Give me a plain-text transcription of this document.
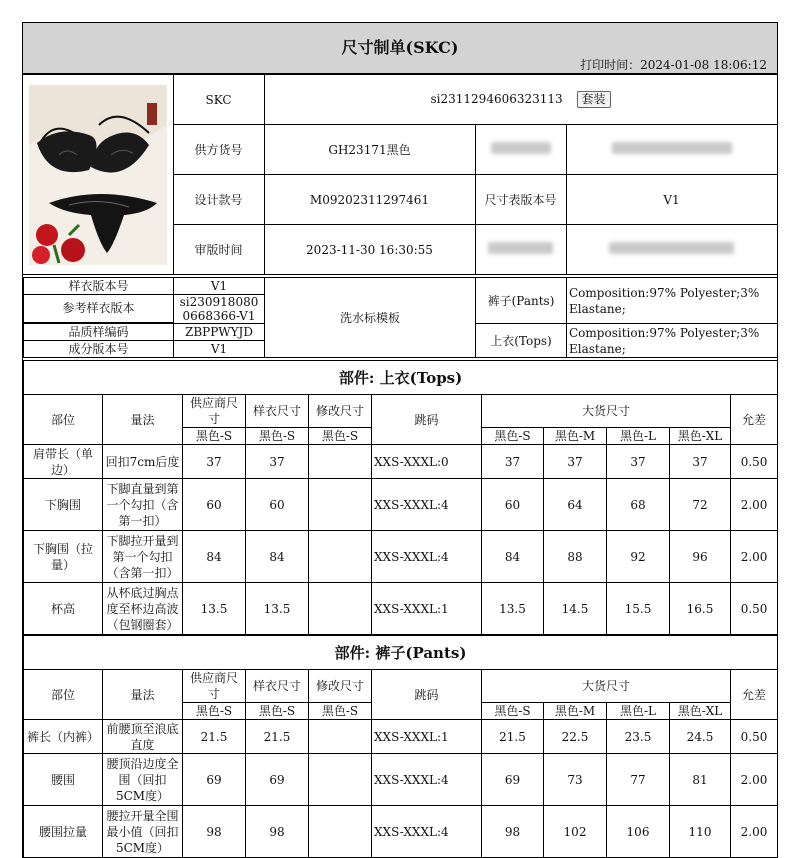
尺寸制单(SKC)
打印时间：2024-01-08 18:06:12
	SKC	si2311294606323113 套装		
	供方货号	GH23171黑色		
	设计款号	M09202311297461	尺寸表版本号	V1
	审版时间	2023-11-30 16:30:55		
样衣版本号	V1	洗水标模板	裤子(Pants)	Composition:97% Polyester;3% Elastane;
参考样衣版本	si2309180800668366-V1			

品质样编码	ZBPPWYJD		上衣(Tops)	Composition:97% Polyester;3% Elastane;
成分版本号	V1			
部件: 上衣(Tops)										
部位	量法	供应商尺寸	样衣尺寸	修改尺寸	跳码	大货尺寸				允差
		黑色-S	黑色-S	黑色-S		黑色-S	黑色-M	黑色-L	黑色-XL	
肩带长（单边）	回扣7cm后度	37	37		XXS-XXXL:0	37	37	37	37	0.50
下胸围	下脚直量到第一个勾扣（含第一扣）	60	60		XXS-XXXL:4	60	64	68	72	2.00
下胸围（拉量）	下脚拉开量到第一个勾扣（含第一扣）	84	84		XXS-XXXL:4	84	88	92	96	2.00
杯高	从杯底过胸点度至杯边高波（包钢圈套）	13.5	13.5		XXS-XXXL:1	13.5	14.5	15.5	16.5	0.50
部件: 裤子(Pants)										
部位	量法	供应商尺寸	样衣尺寸	修改尺寸	跳码	大货尺寸				允差
		黑色-S	黑色-S	黑色-S		黑色-S	黑色-M	黑色-L	黑色-XL	
裤长（内裤）	前腰顶至浪底直度	21.5	21.5		XXS-XXXL:1	21.5	22.5	23.5	24.5	0.50
腰围	腰顶沿边度全围（回扣5CM度）	69	69		XXS-XXXL:4	69	73	77	81	2.00
腰围拉量	腰拉开量全围最小值（回扣5CM度）	98	98		XXS-XXXL:4	98	102	106	110	2.00
